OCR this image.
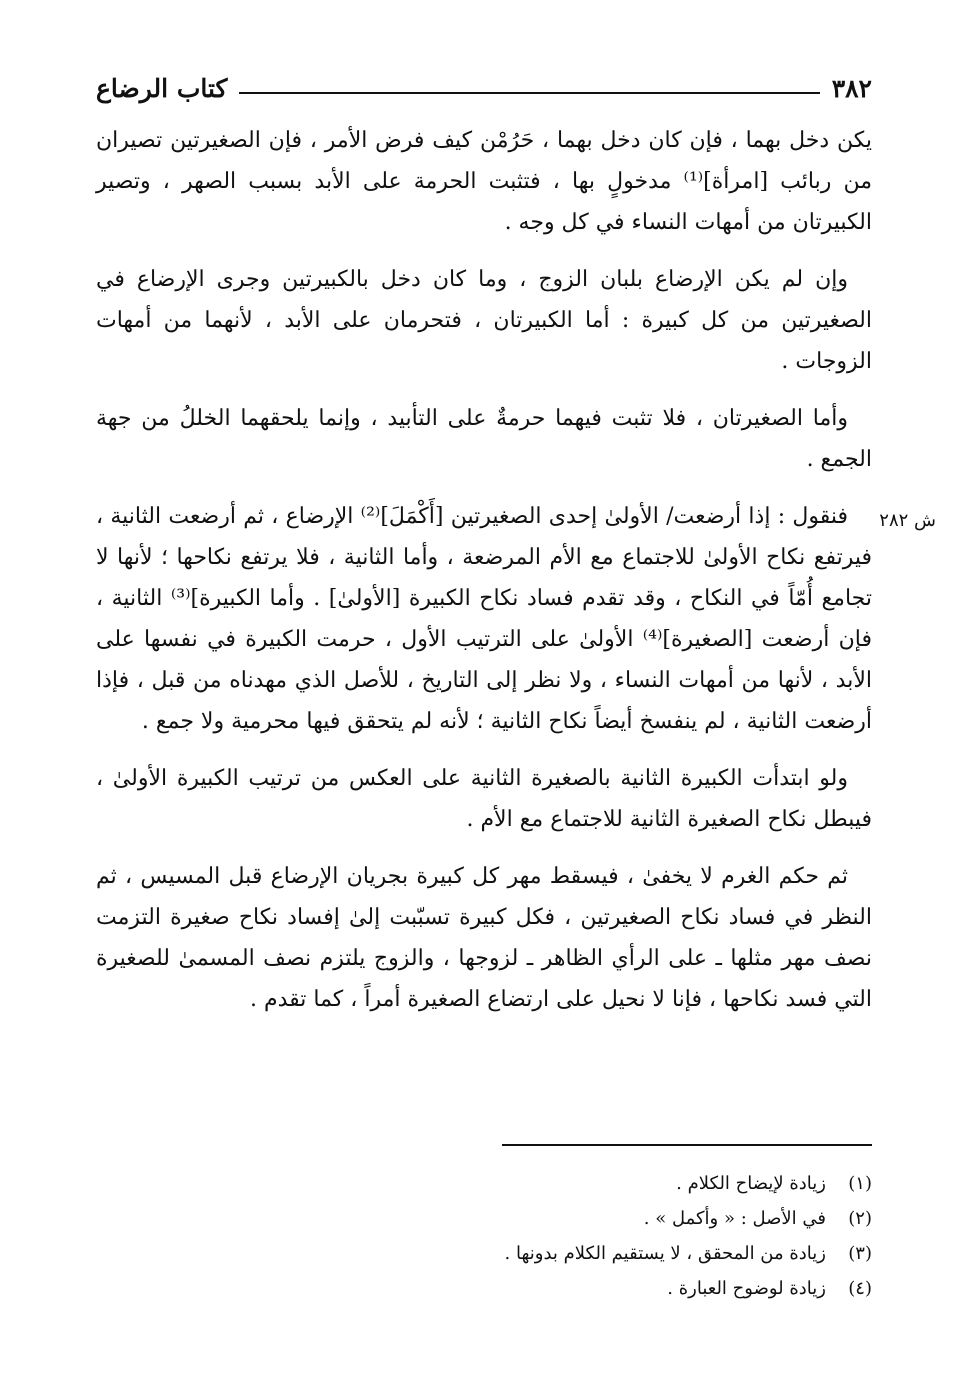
٣٨٢
كتاب الرضاع

يكن دخل بهما ، فإن كان دخل بهما ، حَرُمْن كيف فرض الأمر ، فإن الصغيرتين تصيران من ربائب [امرأة]⁽¹⁾ مدخولٍ بها ، فتثبت الحرمة على الأبد بسبب الصهر ، وتصير الكبيرتان من أمهات النساء في كل وجه .

وإن لم يكن الإرضاع بلبان الزوج ، وما كان دخل بالكبيرتين وجرى الإرضاع في الصغيرتين من كل كبيرة : أما الكبيرتان ، فتحرمان على الأبد ، لأنهما من أمهات الزوجات .

وأما الصغيرتان ، فلا تثبت فيهما حرمةٌ على التأبيد ، وإنما يلحقهما الخللُ من جهة الجمع .

ش ٢٨٢
فنقول : إذا أرضعت/ الأولىٰ إحدى الصغيرتين [أَكْمَلَ]⁽²⁾ الإرضاع ، ثم أرضعت الثانية ، فيرتفع نكاح الأولىٰ للاجتماع مع الأم المرضعة ، وأما الثانية ، فلا يرتفع نكاحها ؛ لأنها لا تجامع أُمّاً في النكاح ، وقد تقدم فساد نكاح الكبيرة [الأولىٰ] . وأما الكبيرة]⁽³⁾ الثانية ، فإن أرضعت [الصغيرة]⁽⁴⁾ الأولىٰ على الترتيب الأول ، حرمت الكبيرة في نفسها على الأبد ، لأنها من أمهات النساء ، ولا نظر إلى التاريخ ، للأصل الذي مهدناه من قبل ، فإذا أرضعت الثانية ، لم ينفسخ أيضاً نكاح الثانية ؛ لأنه لم يتحقق فيها محرمية ولا جمع .

ولو ابتدأت الكبيرة الثانية بالصغيرة الثانية على العكس من ترتيب الكبيرة الأولىٰ ، فيبطل نكاح الصغيرة الثانية للاجتماع مع الأم .

ثم حكم الغرم لا يخفىٰ ، فيسقط مهر كل كبيرة بجريان الإرضاع قبل المسيس ، ثم النظر في فساد نكاح الصغيرتين ، فكل كبيرة تسبّبت إلىٰ إفساد نكاح صغيرة التزمت نصف مهر مثلها ـ على الرأي الظاهر ـ لزوجها ، والزوج يلتزم نصف المسمىٰ للصغيرة التي فسد نكاحها ، فإنا لا نحيل على ارتضاع الصغيرة أمراً ، كما تقدم .

(١)
زيادة لإيضاح الكلام .
(٢)
في الأصل : « وأكمل » .
(٣)
زيادة من المحقق ، لا يستقيم الكلام بدونها .
(٤)
زيادة لوضوح العبارة .
